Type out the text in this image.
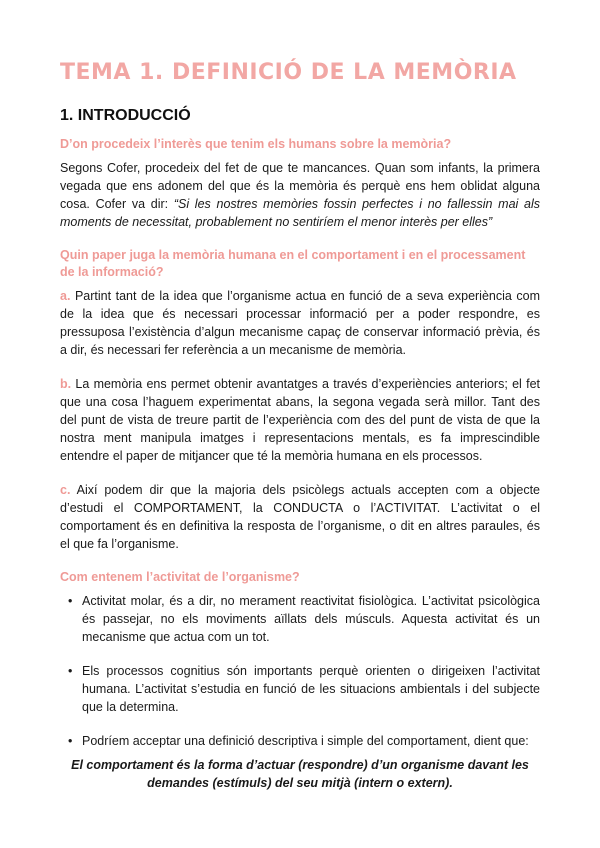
TEMA 1. DEFINICIÓ DE LA MEMÒRIA
1. INTRODUCCIÓ
D’on procedeix l’interès que tenim els humans sobre la memòria?

Segons Cofer, procedeix del fet de que te mancances. Quan som infants, la primera vegada que ens adonem del que és la memòria és perquè ens hem oblidat alguna cosa. Cofer va dir: “Si les nostres memòries fossin perfectes i no fallessin mai als moments de necessitat, probablement no sentiríem el menor interès per elles”

Quin paper juga la memòria humana en el comportament i en el processament de la informació?

a. Partint tant de la idea que l’organisme actua en funció de a seva experiència com de la idea que és necessari processar informació per a poder respondre, es pressuposa l’existència d’algun mecanisme capaç de conservar informació prèvia, és a dir, és necessari fer referència a un mecanisme de memòria.

b. La memòria ens permet obtenir avantatges a través d’experiències anteriors; el fet que una cosa l’haguem experimentat abans, la segona vegada serà millor. Tant des del punt de vista de treure partit de l’experiència com des del punt de vista de que la nostra ment manipula imatges i representacions mentals, es fa imprescindible entendre el paper de mitjancer que té la memòria humana en els processos.

c. Així podem dir que la majoria dels psicòlegs actuals accepten com a objecte d’estudi el COMPORTAMENT, la CONDUCTA o l’ACTIVITAT. L’activitat o el comportament és en definitiva la resposta de l’organisme, o dit en altres paraules, és el que fa l’organisme.

Com entenem l’activitat de l’organisme?
• Activitat molar, és a dir, no merament reactivitat fisiològica. L’activitat psicològica és passejar, no els moviments aïllats dels músculs. Aquesta activitat és un mecanisme que actua com un tot.
• Els processos cognitius són importants perquè orienten o dirigeixen l’activitat humana. L’activitat s’estudia en funció de les situacions ambientals i del subjecte que la determina.
• Podríem acceptar una definició descriptiva i simple del comportament, dient que:

El comportament és la forma d’actuar (respondre) d’un organisme davant les demandes (estímuls) del seu mitjà (intern o extern).
